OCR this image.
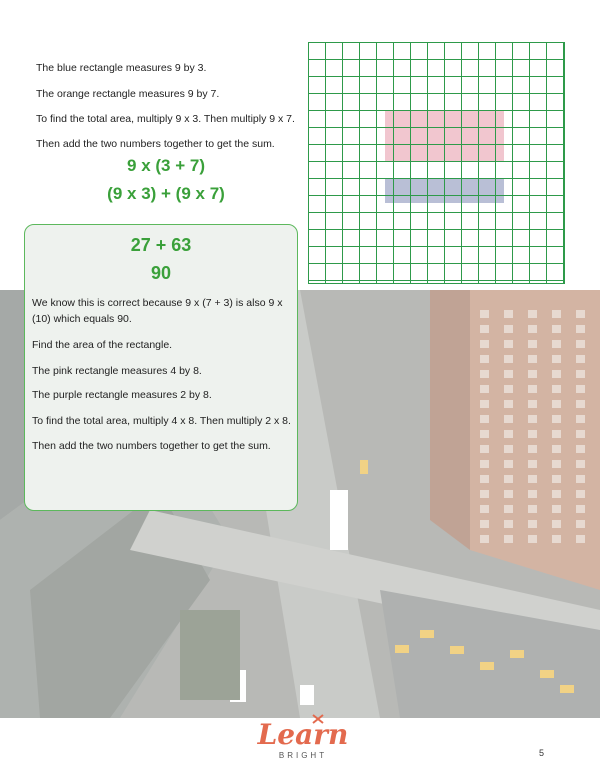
The blue rectangle measures 9 by 3.

The orange rectangle measures 9 by 7.

To find the total area, multiply 9 x 3. Then multiply 9 x 7.

Then add the two numbers together to get the sum.

9 x (3 + 7)
(9 x 3) + (9 x 7)
27 + 63
90
We know this is correct because 9 x (7 + 3) is also 9 x (10) which equals 90.
Find the area of the rectangle.
The pink rectangle measures 4 by 8.
The purple rectangle measures 2 by 8.
To find the total area, multiply 4 x 8. Then multiply 2 x 8.
Then add the two numbers together to get the sum.
Learn
BRIGHT	5
